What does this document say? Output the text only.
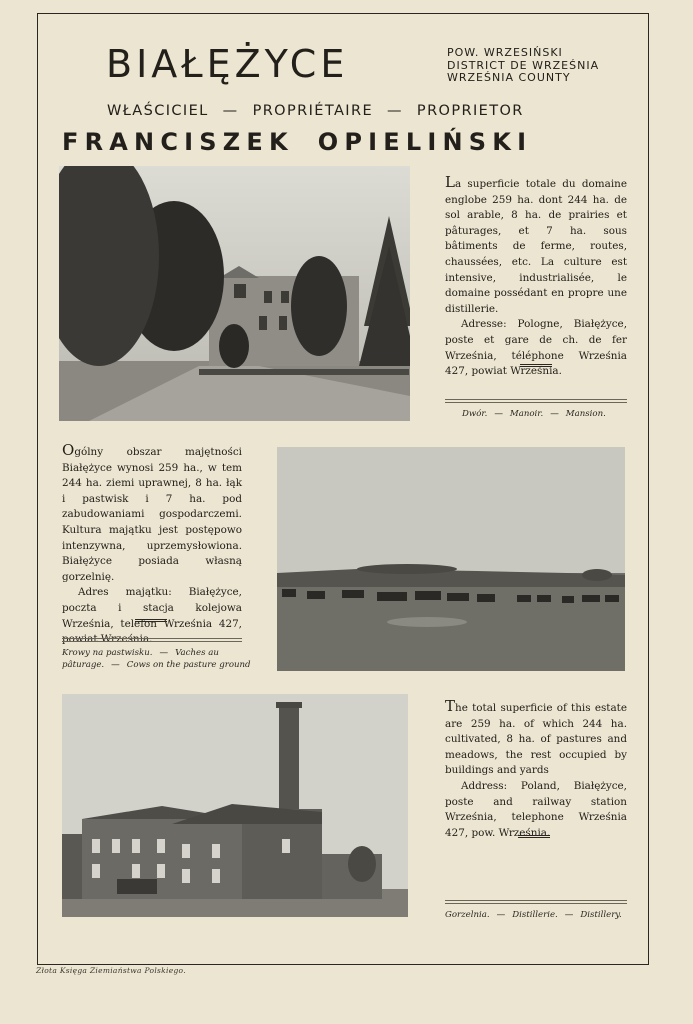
BIAŁĘŻYCE	POW. WRZESIŃSKI
DISTRICT DE WRZEŚNIA
WRZEŚNIA COUNTY
WŁAŚCICIEL — PROPRIÉTAIRE — PROPRIETOR
FRANCISZEK OPIELIŃSKI

La superficie totale du domaine englobe 259 ha. dont 244 ha. de sol arable, 8 ha. de prairies et pâturages, et 7 ha. sous bâtiments de ferme, routes, chaussées, etc. La culture est intensive, industrialisée, le domaine possédant en propre une distillerie.

Adresse: Pologne, Białężyce, poste et gare de ch. de fer Września, téléphone Września 427, powiat Września.

Dwór. — Manoir. — Mansion.

Ogólny obszar majętności Białężyce wynosi 259 ha., w tem 244 ha. ziemi uprawnej, 8 ha. łąk i pastwisk i 7 ha. pod zabudowaniami gospodarczemi. Kultura majątku jest postępowo intenzywna, uprzemysłowiona. Białężyce posiada własną gorzelnię.

Adres majątku: Białężyce, poczta i stacja kolejowa Września, telefon Września 427, powiat Września.

Krowy na pastwisku. — Vaches au
pâturage. — Cows on the pasture ground

The total superficie of this estate are 259 ha. of which 244 ha. cultivated, 8 ha. of pastures and meadows, the rest occupied by buildings and yards

Address: Poland, Białężyce, poste and railway station Września, telephone Września 427, pow. Września.

Gorzelnia. — Distillerie. — Distillery.
Złota Księga Ziemiaństwa Polskiego.
